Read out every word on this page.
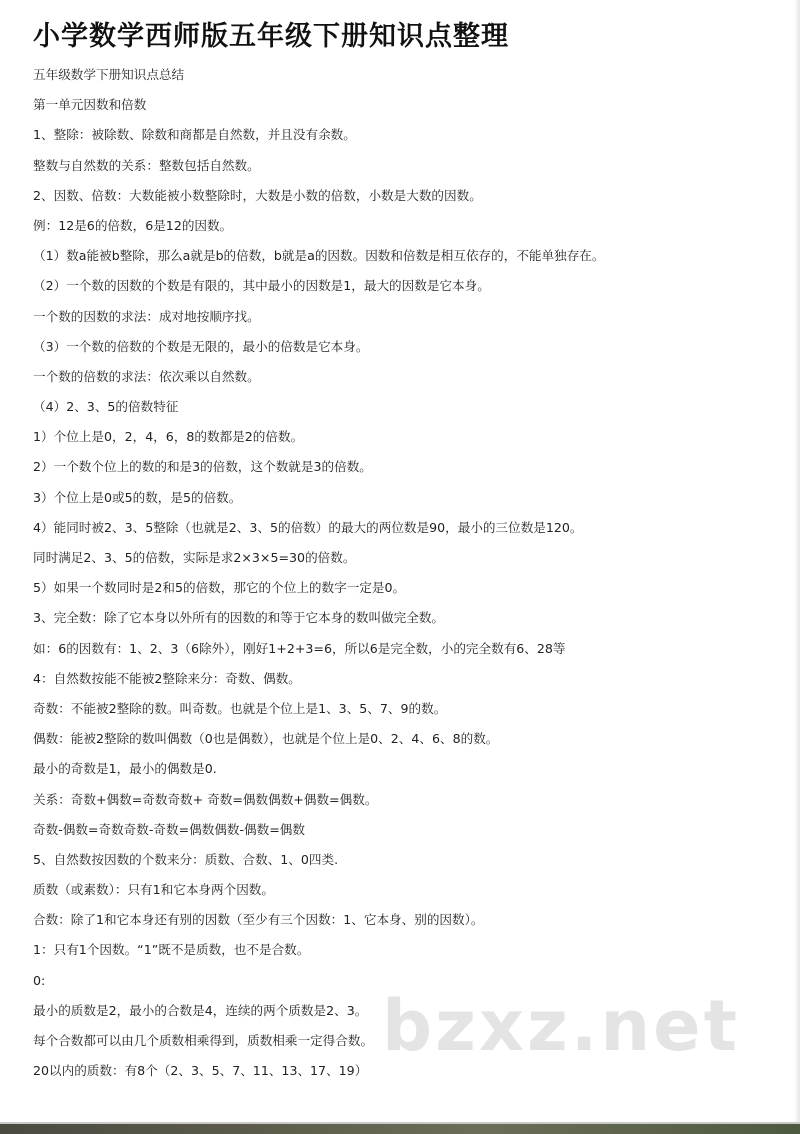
小学数学西师版五年级下册知识点整理
五年级数学下册知识点总结
第一单元因数和倍数
1、整除：被除数、除数和商都是自然数，并且没有余数。
整数与自然数的关系：整数包括自然数。
2、因数、倍数：大数能被小数整除时，大数是小数的倍数，小数是大数的因数。
例：12是6的倍数，6是12的因数。
（1）数a能被b整除，那么a就是b的倍数，b就是a的因数。因数和倍数是相互依存的，不能单独存在。
（2）一个数的因数的个数是有限的，其中最小的因数是1，最大的因数是它本身。
一个数的因数的求法：成对地按顺序找。
（3）一个数的倍数的个数是无限的，最小的倍数是它本身。
一个数的倍数的求法：依次乘以自然数。
（4）2、3、5的倍数特征
1）个位上是0，2，4，6，8的数都是2的倍数。
2）一个数个位上的数的和是3的倍数，这个数就是3的倍数。
3）个位上是0或5的数，是5的倍数。
4）能同时被2、3、5整除（也就是2、3、5的倍数）的最大的两位数是90，最小的三位数是120。
同时满足2、3、5的倍数，实际是求2×3×5=30的倍数。
5）如果一个数同时是2和5的倍数，那它的个位上的数字一定是0。
3、完全数：除了它本身以外所有的因数的和等于它本身的数叫做完全数。
如：6的因数有：1、2、3（6除外），刚好1+2+3=6，所以6是完全数，小的完全数有6、28等
4：自然数按能不能被2整除来分：奇数、偶数。
奇数：不能被2整除的数。叫奇数。也就是个位上是1、3、5、7、9的数。
偶数：能被2整除的数叫偶数（0也是偶数），也就是个位上是0、2、4、6、8的数。
最小的奇数是1，最小的偶数是0.
关系：奇数+偶数=奇数奇数+ 奇数=偶数偶数+偶数=偶数。
奇数-偶数=奇数奇数-奇数=偶数偶数-偶数=偶数
5、自然数按因数的个数来分：质数、合数、1、0四类.
质数（或素数）：只有1和它本身两个因数。
合数：除了1和它本身还有别的因数（至少有三个因数：1、它本身、别的因数）。
1：只有1个因数。“1”既不是质数，也不是合数。
0:
最小的质数是2，最小的合数是4，连续的两个质数是2、3。
每个合数都可以由几个质数相乘得到，质数相乘一定得合数。
20以内的质数：有8个（2、3、5、7、11、13、17、19）
bzxz.net
